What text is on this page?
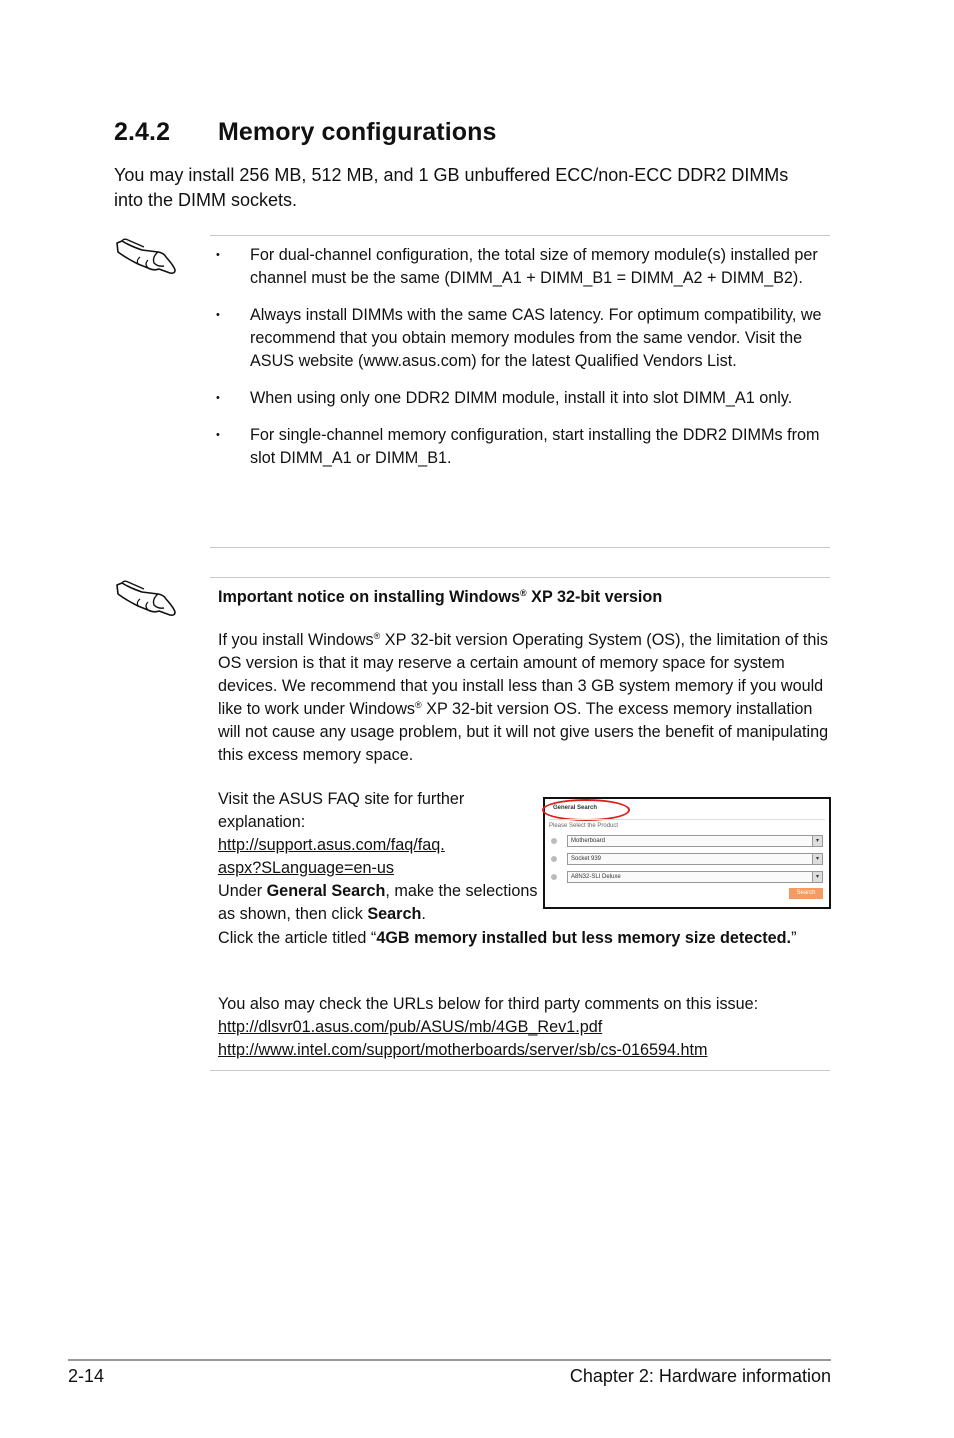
2.4.2 Memory configurations
You may install 256 MB, 512 MB, and 1 GB unbuffered ECC/non-ECC DDR2 DIMMs into the DIMM sockets.
• For dual-channel configuration, the total size of memory module(s) installed per channel must be the same (DIMM_A1 + DIMM_B1 = DIMM_A2 + DIMM_B2).
• Always install DIMMs with the same CAS latency. For optimum compatibility, we recommend that you obtain memory modules from the same vendor. Visit the ASUS website (www.asus.com) for the latest Qualified Vendors List.
• When using only one DDR2 DIMM module, install it into slot DIMM_A1 only.
• For single-channel memory configuration, start installing the DDR2 DIMMs from slot DIMM_A1 or DIMM_B1.
Important notice on installing Windows® XP 32-bit version
If you install Windows® XP 32-bit version Operating System (OS), the limitation of this OS version is that it may reserve a certain amount of memory space for system devices. We recommend that you install less than 3 GB system memory if you would like to work under Windows® XP 32-bit version OS. The excess memory installation will not cause any usage problem, but it will not give users the benefit of manipulating this excess memory space.
Visit the ASUS FAQ site for further explanation:
http://support.asus.com/faq/faq.
aspx?SLanguage=en-us
Under General Search, make the selections as shown, then click Search.
Click the article titled “4GB memory installed but less memory size detected.”
You also may check the URLs below for third party comments on this issue:
http://dlsvr01.asus.com/pub/ASUS/mb/4GB_Rev1.pdf
http://www.intel.com/support/motherboards/server/sb/cs-016594.htm
General Search
Please Select the Product
Motherboard	▾
Socket 939	▾
A8N32-SLI Deluxe	▾
Search
2-14	Chapter 2: Hardware information
